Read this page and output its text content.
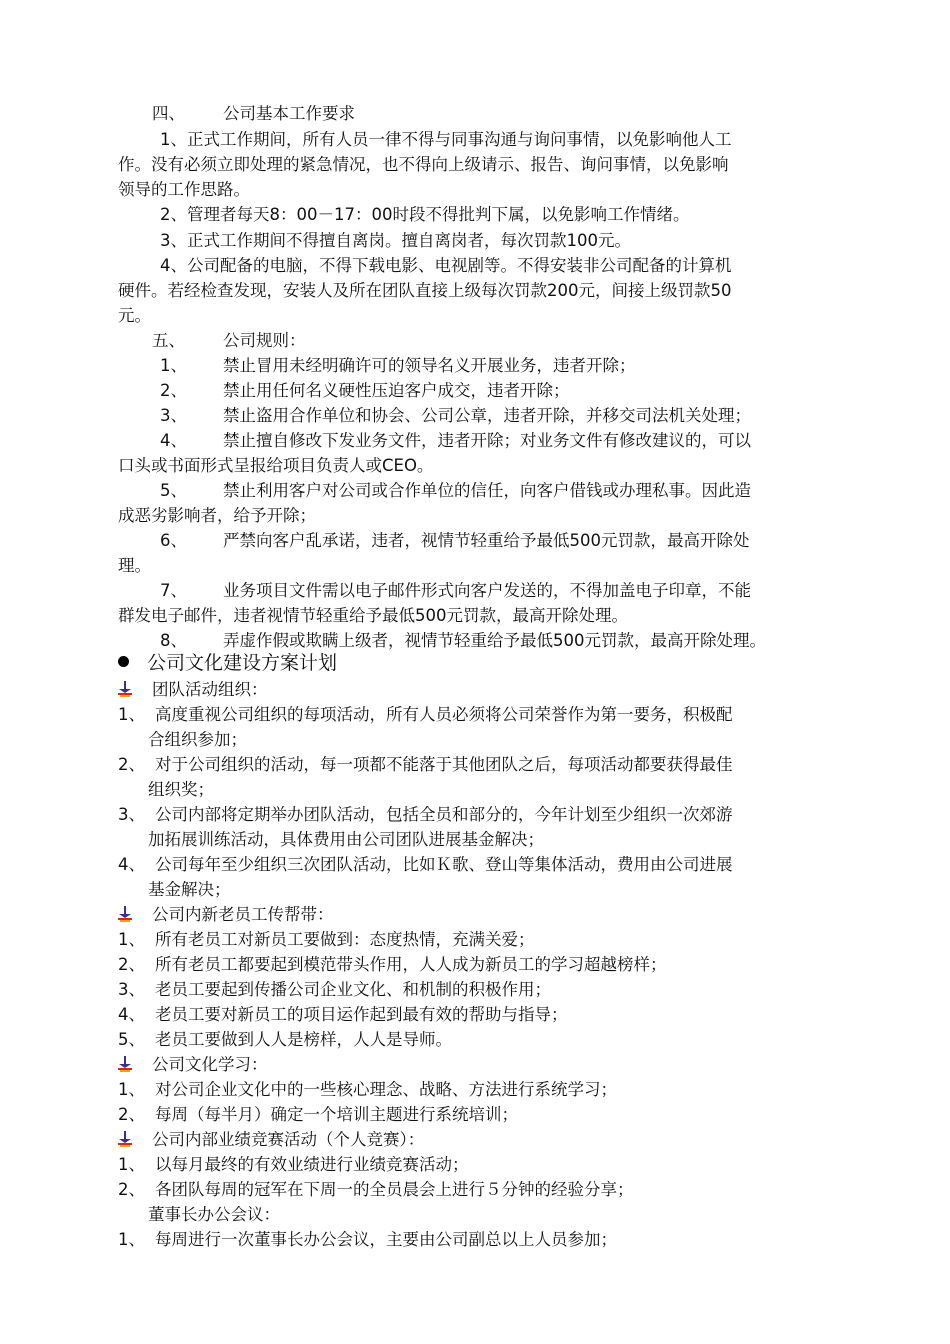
四、 公司基本工作要求
1、正式工作期间，所有人员一律不得与同事沟通与询问事情，以免影响他人工
作。没有必须立即处理的紧急情况，也不得向上级请示、报告、询问事情，以免影响
领导的工作思路。
2、管理者每天8：00－17：00时段不得批判下属，以免影响工作情绪。
3、正式工作期间不得擅自离岗。擅自离岗者，每次罚款100元。
4、公司配备的电脑，不得下载电影、电视剧等。不得安装非公司配备的计算机
硬件。若经检查发现，安装人及所在团队直接上级每次罚款200元，间接上级罚款50
元。
五、 公司规则：
1、 禁止冒用未经明确许可的领导名义开展业务，违者开除；
2、 禁止用任何名义硬性压迫客户成交，违者开除；
3、 禁止盗用合作单位和协会、公司公章，违者开除，并移交司法机关处理；
4、 禁止擅自修改下发业务文件，违者开除；对业务文件有修改建议的，可以
口头或书面形式呈报给项目负责人或CEO。
5、 禁止利用客户对公司或合作单位的信任，向客户借钱或办理私事。因此造
成恶劣影响者，给予开除；
6、 严禁向客户乱承诺，违者，视情节轻重给予最低500元罚款，最高开除处
理。
7、 业务项目文件需以电子邮件形式向客户发送的，不得加盖电子印章，不能
群发电子邮件，违者视情节轻重给予最低500元罚款，最高开除处理。
8、 弄虚作假或欺瞒上级者，视情节轻重给予最低500元罚款，最高开除处理。
公司文化建设方案计划
团队活动组织：
1、 高度重视公司组织的每项活动，所有人员必须将公司荣誉作为第一要务，积极配
合组织参加；
2、 对于公司组织的活动，每一项都不能落于其他团队之后，每项活动都要获得最佳
组织奖；
3、 公司内部将定期举办团队活动，包括全员和部分的，今年计划至少组织一次郊游
加拓展训练活动，具体费用由公司团队进展基金解决；
4、 公司每年至少组织三次团队活动，比如Ｋ歌、登山等集体活动，费用由公司进展
基金解决；
公司内新老员工传帮带：
1、 所有老员工对新员工要做到：态度热情，充满关爱；
2、 所有老员工都要起到模范带头作用，人人成为新员工的学习超越榜样；
3、 老员工要起到传播公司企业文化、和机制的积极作用；
4、 老员工要对新员工的项目运作起到最有效的帮助与指导；
5、 老员工要做到人人是榜样，人人是导师。
公司文化学习：
1、 对公司企业文化中的一些核心理念、战略、方法进行系统学习；
2、 每周（每半月）确定一个培训主题进行系统培训；
公司内部业绩竞赛活动（个人竞赛）：
1、 以每月最终的有效业绩进行业绩竞赛活动；
2、 各团队每周的冠军在下周一的全员晨会上进行５分钟的经验分享；
董事长办公会议：
1、 每周进行一次董事长办公会议，主要由公司副总以上人员参加；
